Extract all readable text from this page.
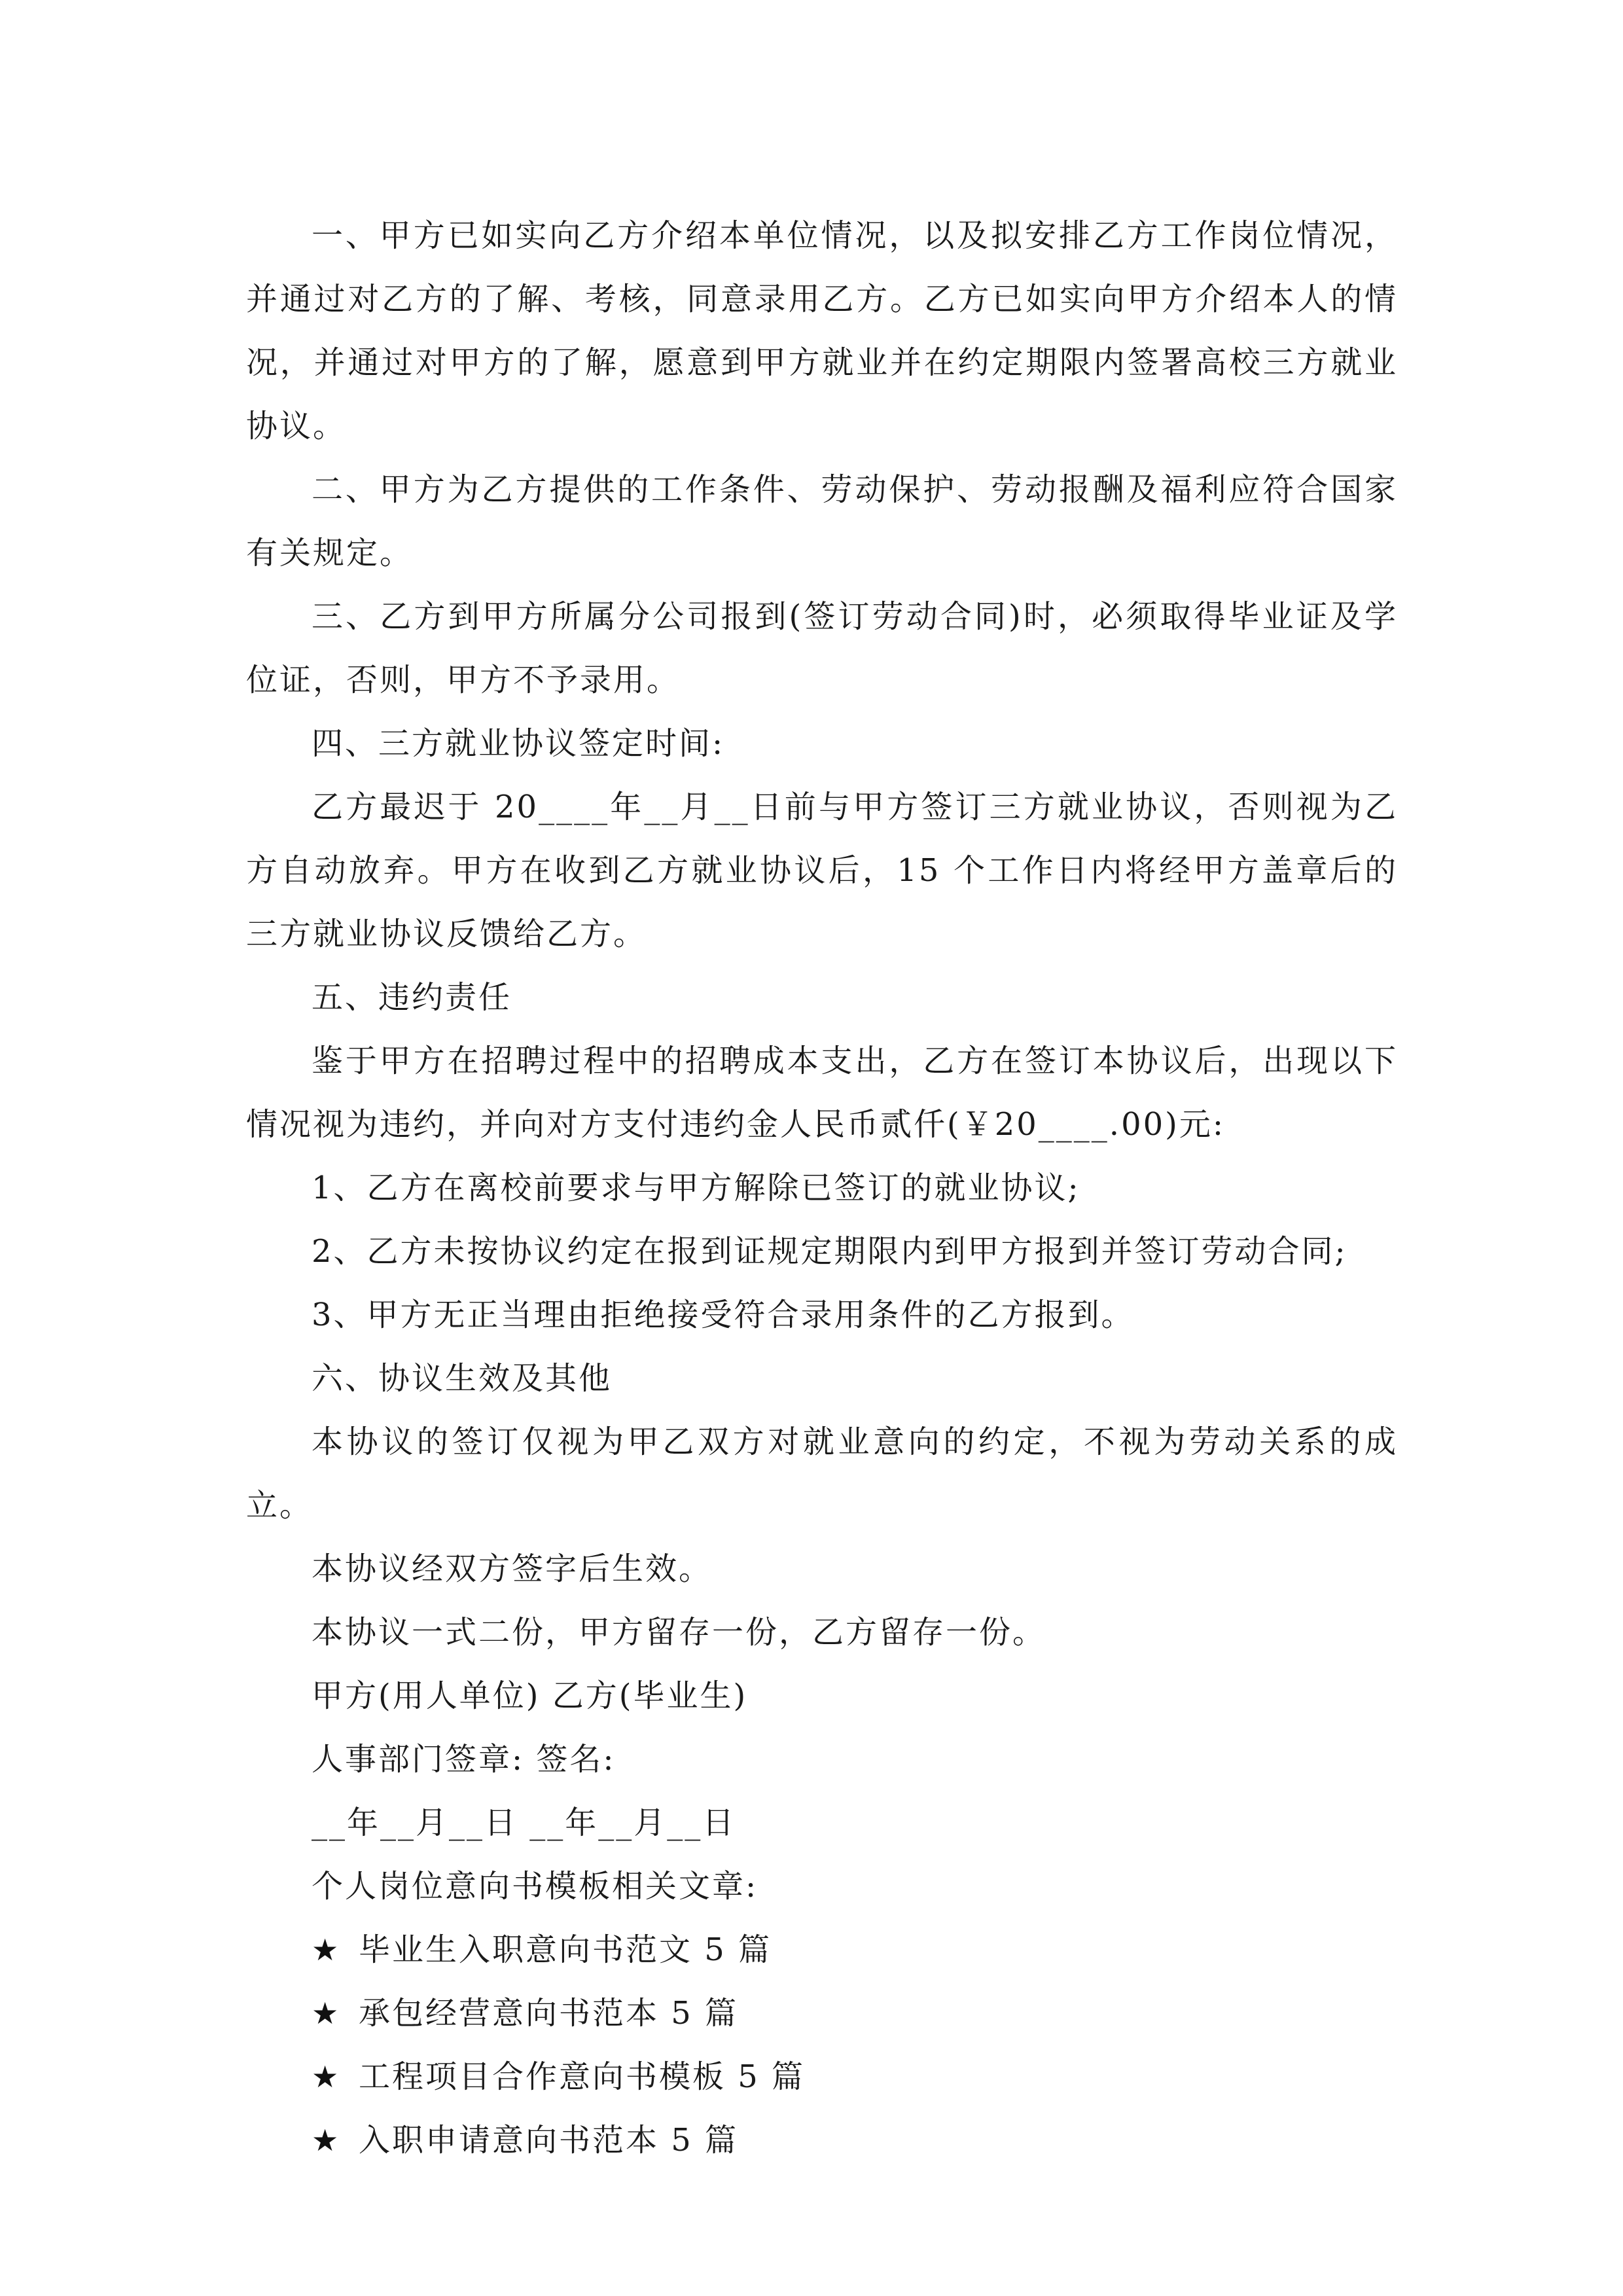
一、甲方已如实向乙方介绍本单位情况，以及拟安排乙方工作岗位情况，并通过对乙方的了解、考核，同意录用乙方。乙方已如实向甲方介绍本人的情况，并通过对甲方的了解，愿意到甲方就业并在约定期限内签署高校三方就业协议。

二、甲方为乙方提供的工作条件、劳动保护、劳动报酬及福利应符合国家有关规定。

三、乙方到甲方所属分公司报到(签订劳动合同)时，必须取得毕业证及学位证，否则，甲方不予录用。

四、三方就业协议签定时间:

乙方最迟于 20____年__月__日前与甲方签订三方就业协议，否则视为乙方自动放弃。甲方在收到乙方就业协议后，15 个工作日内将经甲方盖章后的三方就业协议反馈给乙方。

五、违约责任

鉴于甲方在招聘过程中的招聘成本支出，乙方在签订本协议后，出现以下情况视为违约，并向对方支付违约金人民币贰仟(￥20____.00)元:

1、乙方在离校前要求与甲方解除已签订的就业协议;

2、乙方未按协议约定在报到证规定期限内到甲方报到并签订劳动合同;

3、甲方无正当理由拒绝接受符合录用条件的乙方报到。

六、协议生效及其他

本协议的签订仅视为甲乙双方对就业意向的约定，不视为劳动关系的成立。

本协议经双方签字后生效。

本协议一式二份，甲方留存一份，乙方留存一份。

甲方(用人单位) 乙方(毕业生)

人事部门签章: 签名:

__年__月__日 __年__月__日

个人岗位意向书模板相关文章:

★ 毕业生入职意向书范文 5 篇
★ 承包经营意向书范本 5 篇
★ 工程项目合作意向书模板 5 篇
★ 入职申请意向书范本 5 篇
